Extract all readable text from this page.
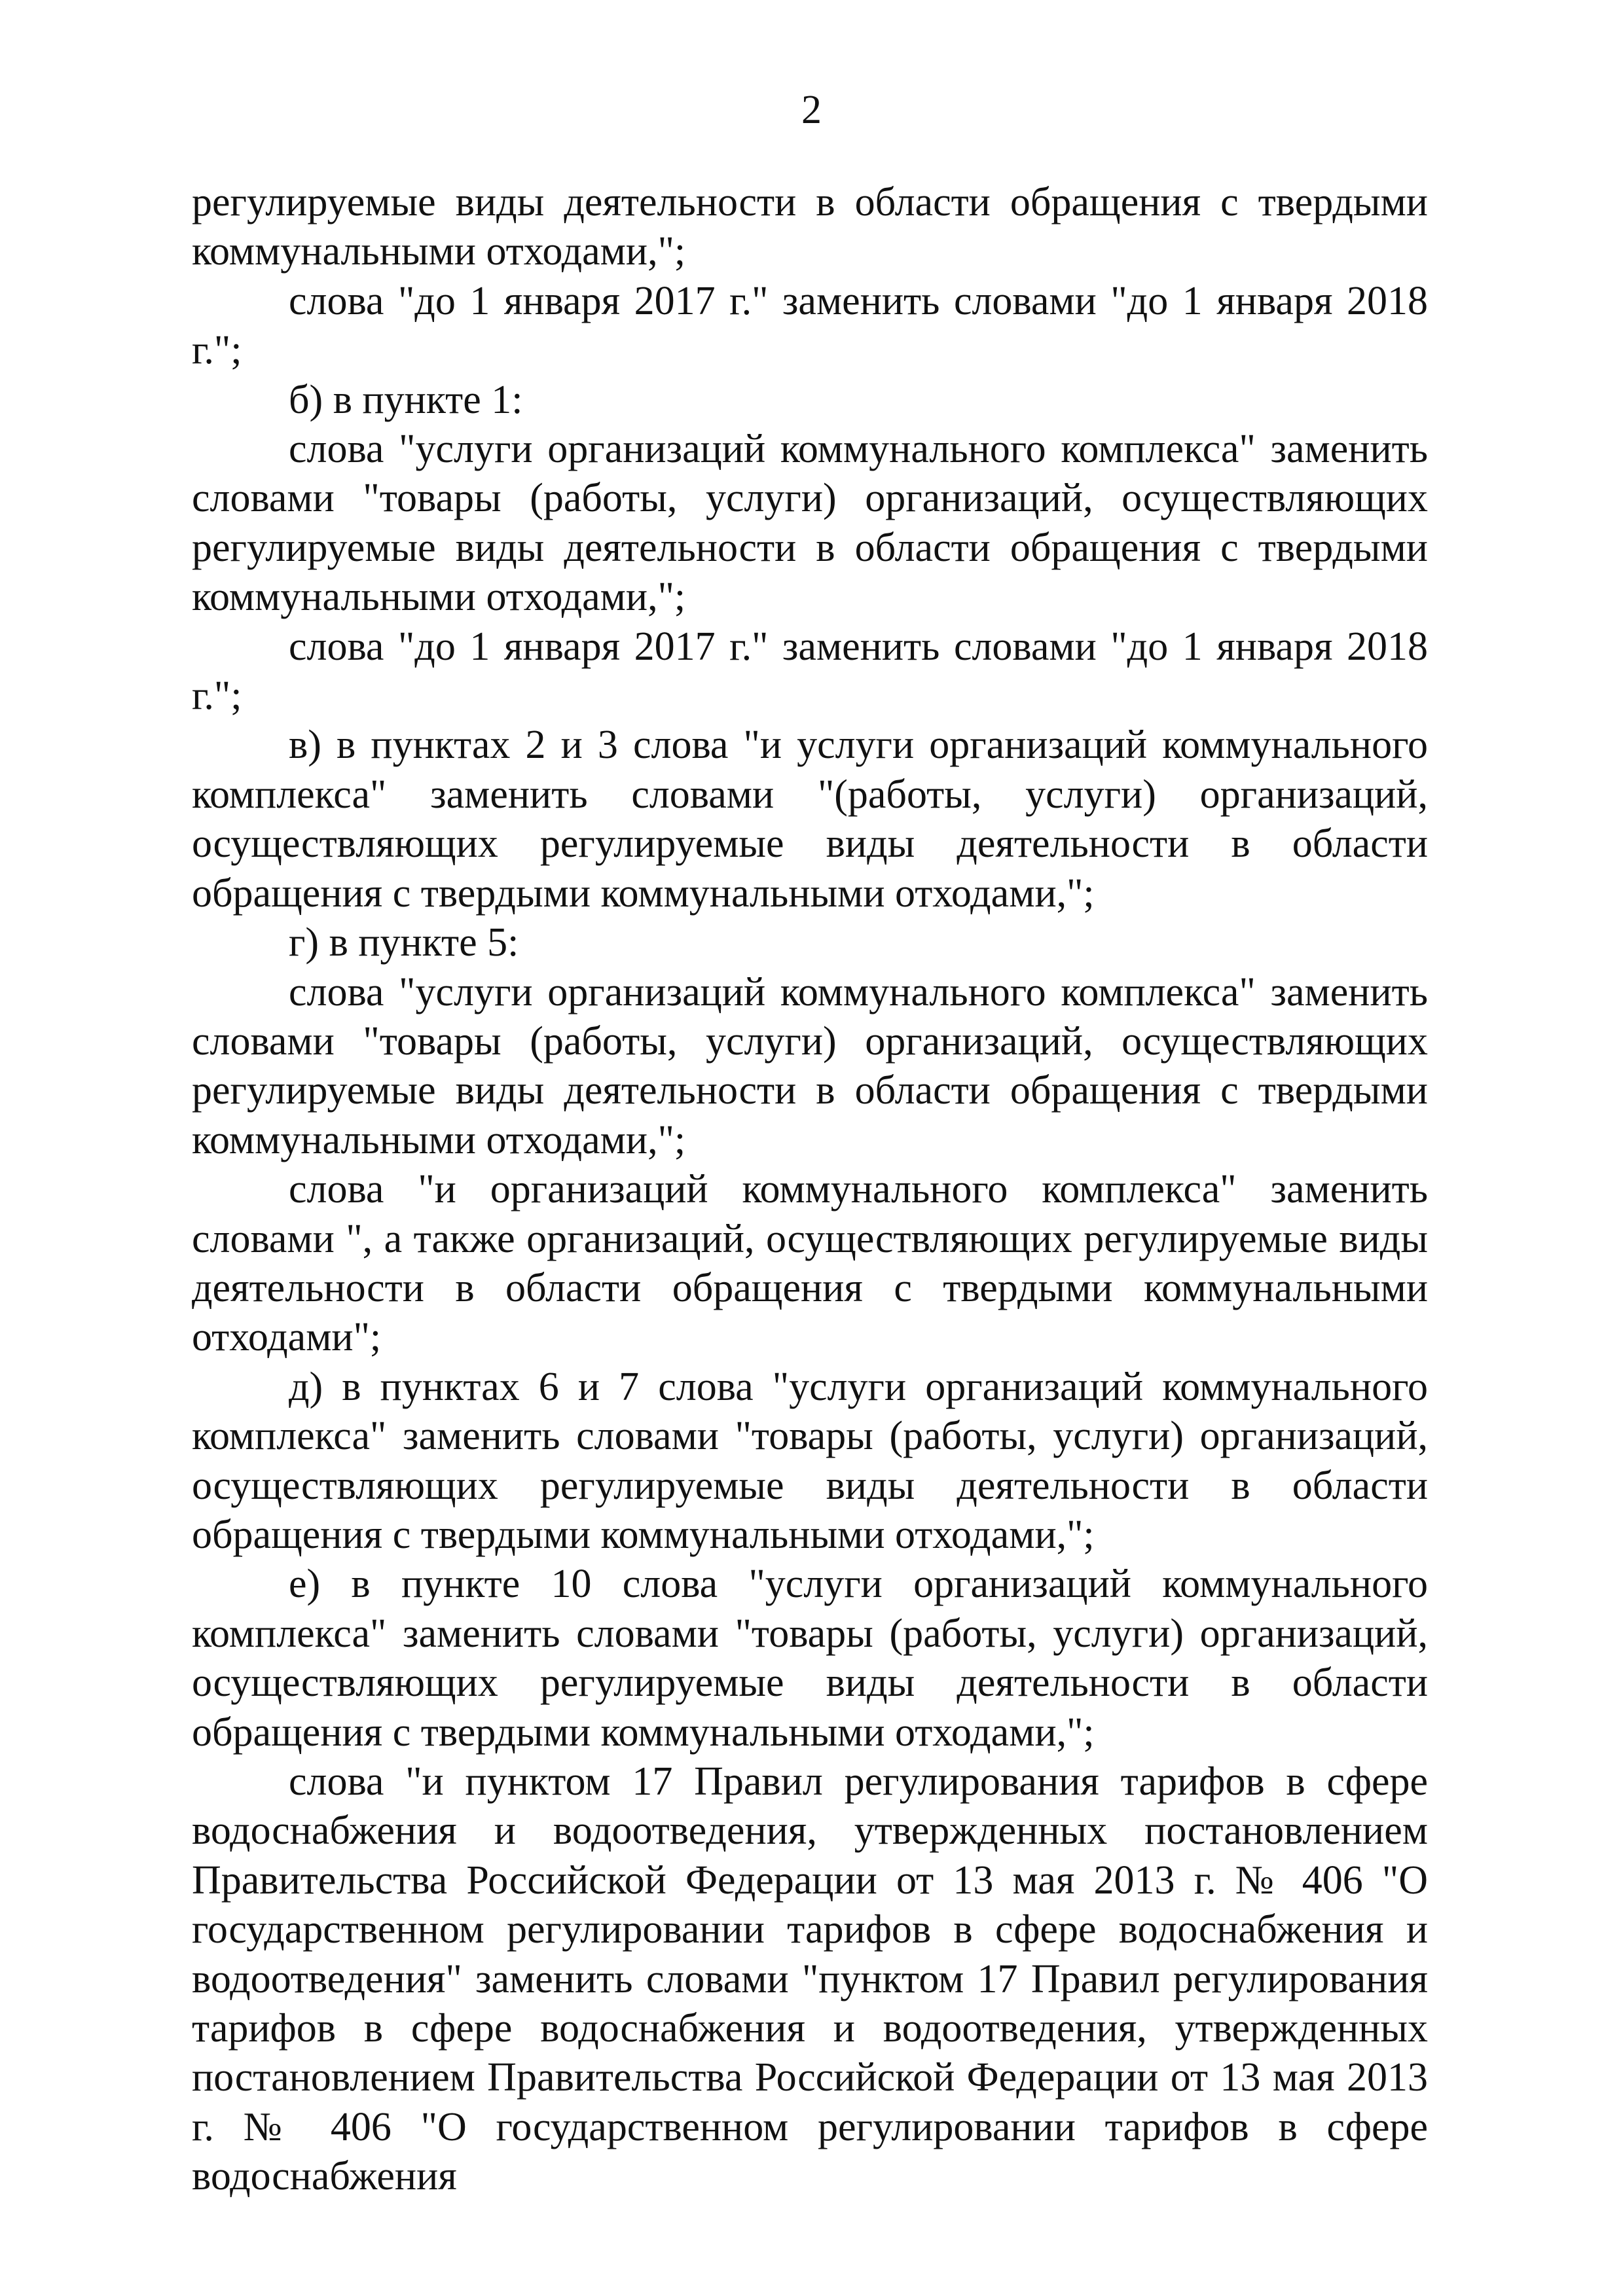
2

регулируемые виды деятельности в области обращения с твердыми коммунальными отходами,";

слова "до 1 января 2017 г." заменить словами "до 1 января 2018 г.";

б) в пункте 1:

слова "услуги организаций коммунального комплекса" заменить словами "товары (работы, услуги) организаций, осуществляющих регулируемые виды деятельности в области обращения с твердыми коммунальными отходами,";

слова "до 1 января 2017 г." заменить словами "до 1 января 2018 г.";

в) в пунктах 2 и 3 слова "и услуги организаций коммунального комплекса" заменить словами "(работы, услуги) организаций, осуществляющих регулируемые виды деятельности в области обращения с твердыми коммунальными отходами,";

г) в пункте 5:

слова "услуги организаций коммунального комплекса" заменить словами "товары (работы, услуги) организаций, осуществляющих регулируемые виды деятельности в области обращения с твердыми коммунальными отходами,";

слова "и организаций коммунального комплекса" заменить словами ", а также организаций, осуществляющих регулируемые виды деятельности в области обращения с твердыми коммунальными отходами";

д) в пунктах 6 и 7 слова "услуги организаций коммунального комплекса" заменить словами "товары (работы, услуги) организаций, осуществляющих регулируемые виды деятельности в области обращения с твердыми коммунальными отходами,";

е) в пункте 10 слова "услуги организаций коммунального комплекса" заменить словами "товары (работы, услуги) организаций, осуществляющих регулируемые виды деятельности в области обращения с твердыми коммунальными отходами,";

слова "и пунктом 17 Правил регулирования тарифов в сфере водоснабжения и водоотведения, утвержденных постановлением Правительства Российской Федерации от 13 мая 2013 г. № 406 "О государственном регулировании тарифов в сфере водоснабжения и водоотведения" заменить словами "пунктом 17 Правил регулирования тарифов в сфере водоснабжения и водоотведения, утвержденных постановлением Правительства Российской Федерации от 13 мая 2013 г. № 406 "О государственном регулировании тарифов в сфере водоснабжения
